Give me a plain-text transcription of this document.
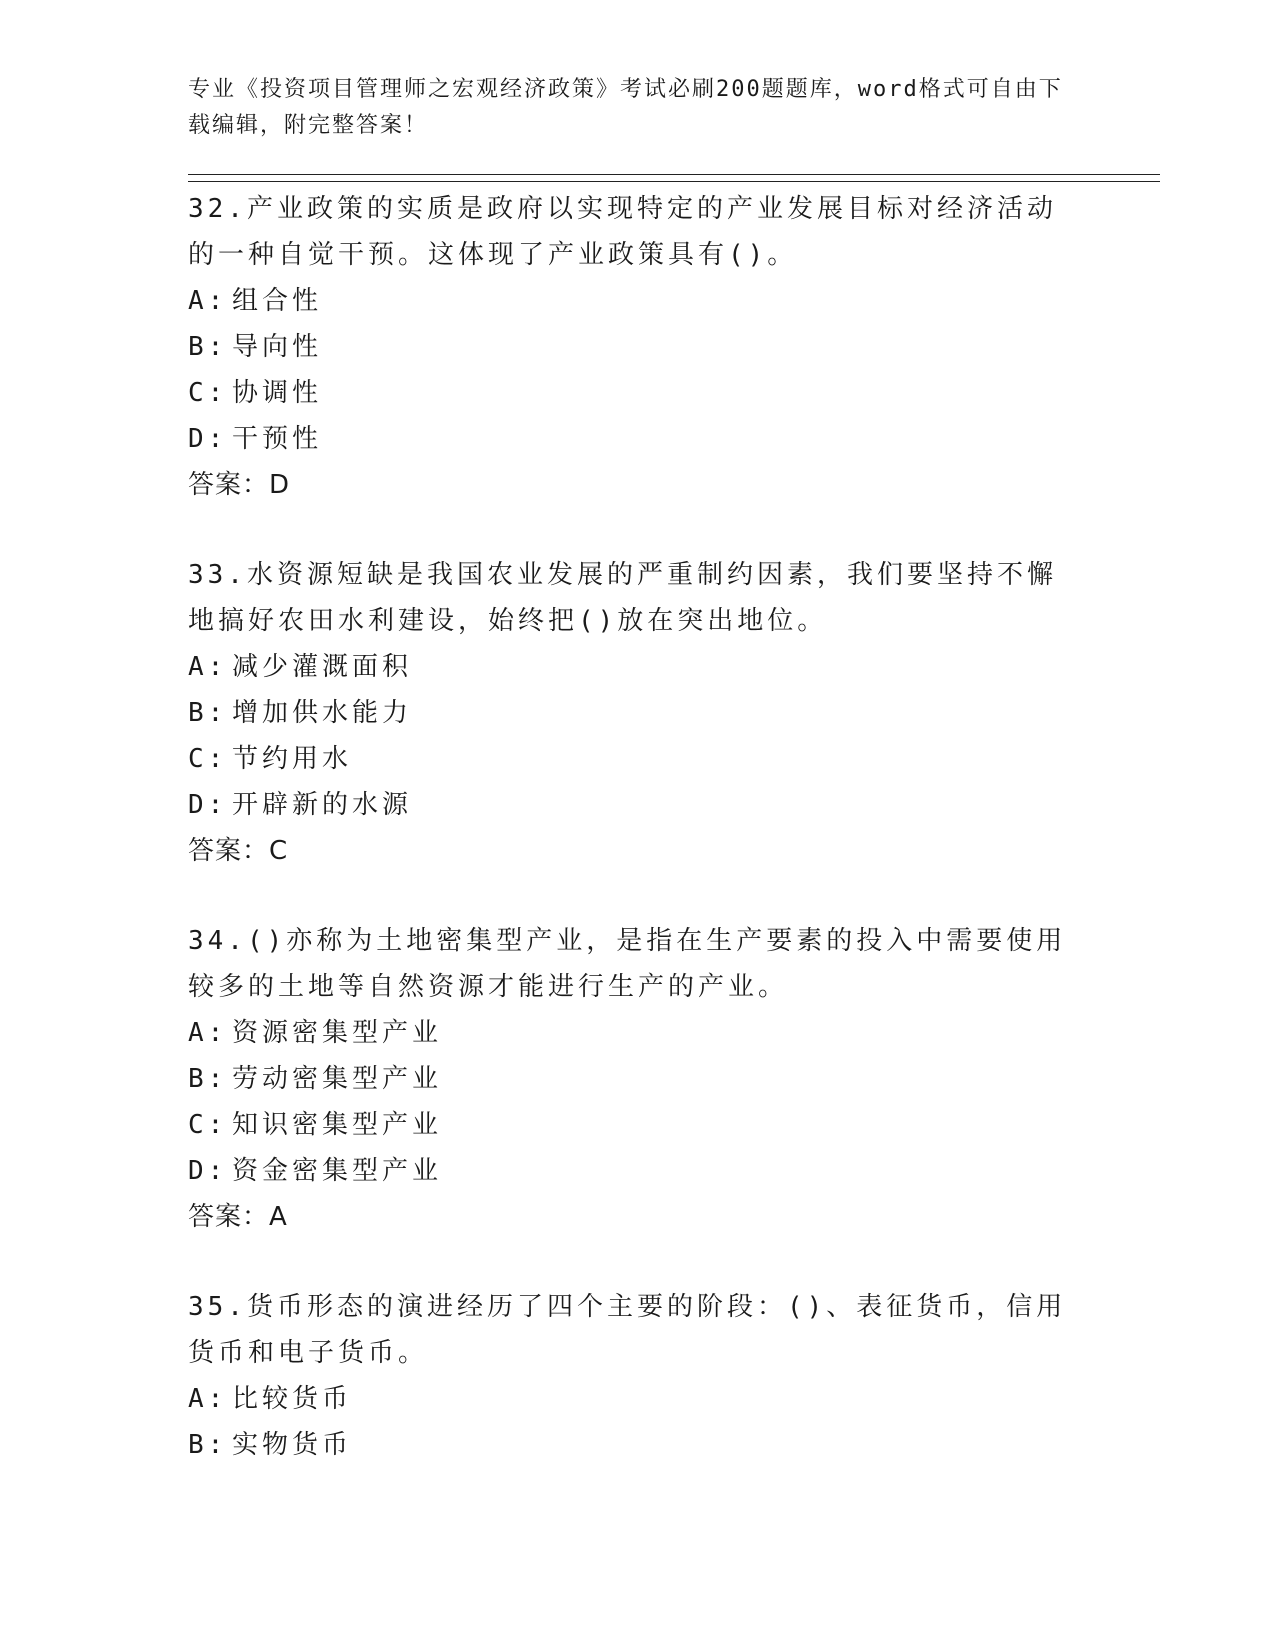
专业《投资项目管理师之宏观经济政策》考试必刷200题题库，word格式可自由下载编辑，附完整答案！

32.产业政策的实质是政府以实现特定的产业发展目标对经济活动的一种自觉干预。这体现了产业政策具有()。

A: 组合性

B: 导向性

C: 协调性

D: 干预性

答案：D

33.水资源短缺是我国农业发展的严重制约因素，我们要坚持不懈地搞好农田水利建设，始终把()放在突出地位。

A: 减少灌溉面积

B: 增加供水能力

C: 节约用水

D: 开辟新的水源

答案：C

34.()亦称为土地密集型产业，是指在生产要素的投入中需要使用较多的土地等自然资源才能进行生产的产业。

A: 资源密集型产业

B: 劳动密集型产业

C: 知识密集型产业

D: 资金密集型产业

答案：A

35.货币形态的演进经历了四个主要的阶段：()、表征货币，信用货币和电子货币。

A: 比较货币

B: 实物货币
